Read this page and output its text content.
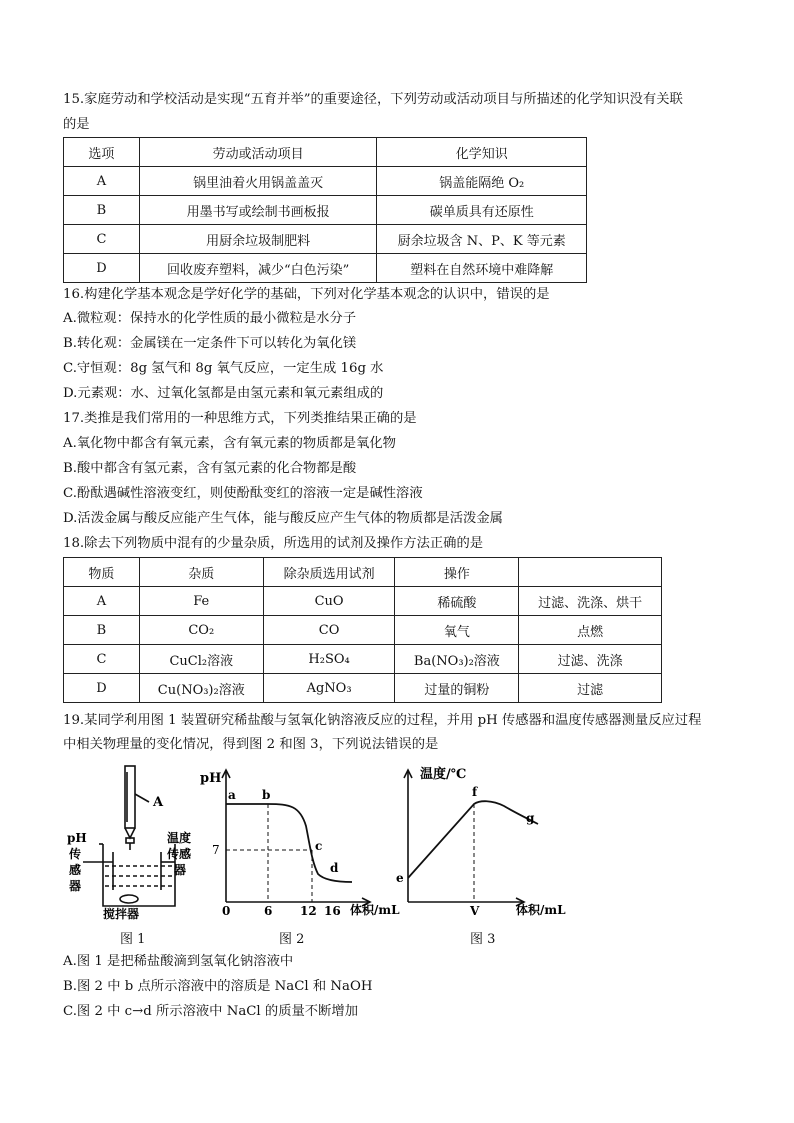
15.家庭劳动和学校活动是实现“五育并举”的重要途径，下列劳动或活动项目与所描述的化学知识没有关联
的是
选项	劳动或活动项目	化学知识
A	锅里油着火用锅盖盖灭	锅盖能隔绝 O₂
B	用墨书写或绘制书画板报	碳单质具有还原性
C	用厨余垃圾制肥料	厨余垃圾含 N、P、K 等元素
D	回收废弃塑料，减少“白色污染”	塑料在自然环境中难降解
16.构建化学基本观念是学好化学的基础，下列对化学基本观念的认识中，错误的是
A.微粒观：保持水的化学性质的最小微粒是水分子
B.转化观：金属镁在一定条件下可以转化为氧化镁
C.守恒观：8g 氢气和 8g 氧气反应，一定生成 16g 水
D.元素观：水、过氧化氢都是由氢元素和氧元素组成的
17.类推是我们常用的一种思维方式，下列类推结果正确的是
A.氧化物中都含有氧元素，含有氧元素的物质都是氧化物
B.酸中都含有氢元素，含有氢元素的化合物都是酸
C.酚酞遇碱性溶液变红，则使酚酞变红的溶液一定是碱性溶液
D.活泼金属与酸反应能产生气体，能与酸反应产生气体的物质都是活泼金属
18.除去下列物质中混有的少量杂质，所选用的试剂及操作方法正确的是
物质	杂质	除杂质选用试剂	操作	
A	Fe	CuO	稀硫酸	过滤、洗涤、烘干
B	CO₂	CO	氧气	点燃
C	CuCl₂溶液	H₂SO₄	Ba(NO₃)₂溶液	过滤、洗涤
D	Cu(NO₃)₂溶液	AgNO₃	过量的铜粉	过滤
19.某同学利用图 1 装置研究稀盐酸与氢氧化钠溶液反应的过程，并用 pH 传感器和温度传感器测量反应过程
中相关物理量的变化情况，得到图 2 和图 3，下列说法错误的是
A
pH
传
感
器
温度
传感
器
搅拌器
图 1
pH
7
a b
c
d
0	6 12 16 体积/mL
图 2
温度/℃
e
f
g
V	体积/mL
图 3
A.图 1 是把稀盐酸滴到氢氧化钠溶液中
B.图 2 中 b 点所示溶液中的溶质是 NaCl 和 NaOH
C.图 2 中 c→d 所示溶液中 NaCl 的质量不断增加
